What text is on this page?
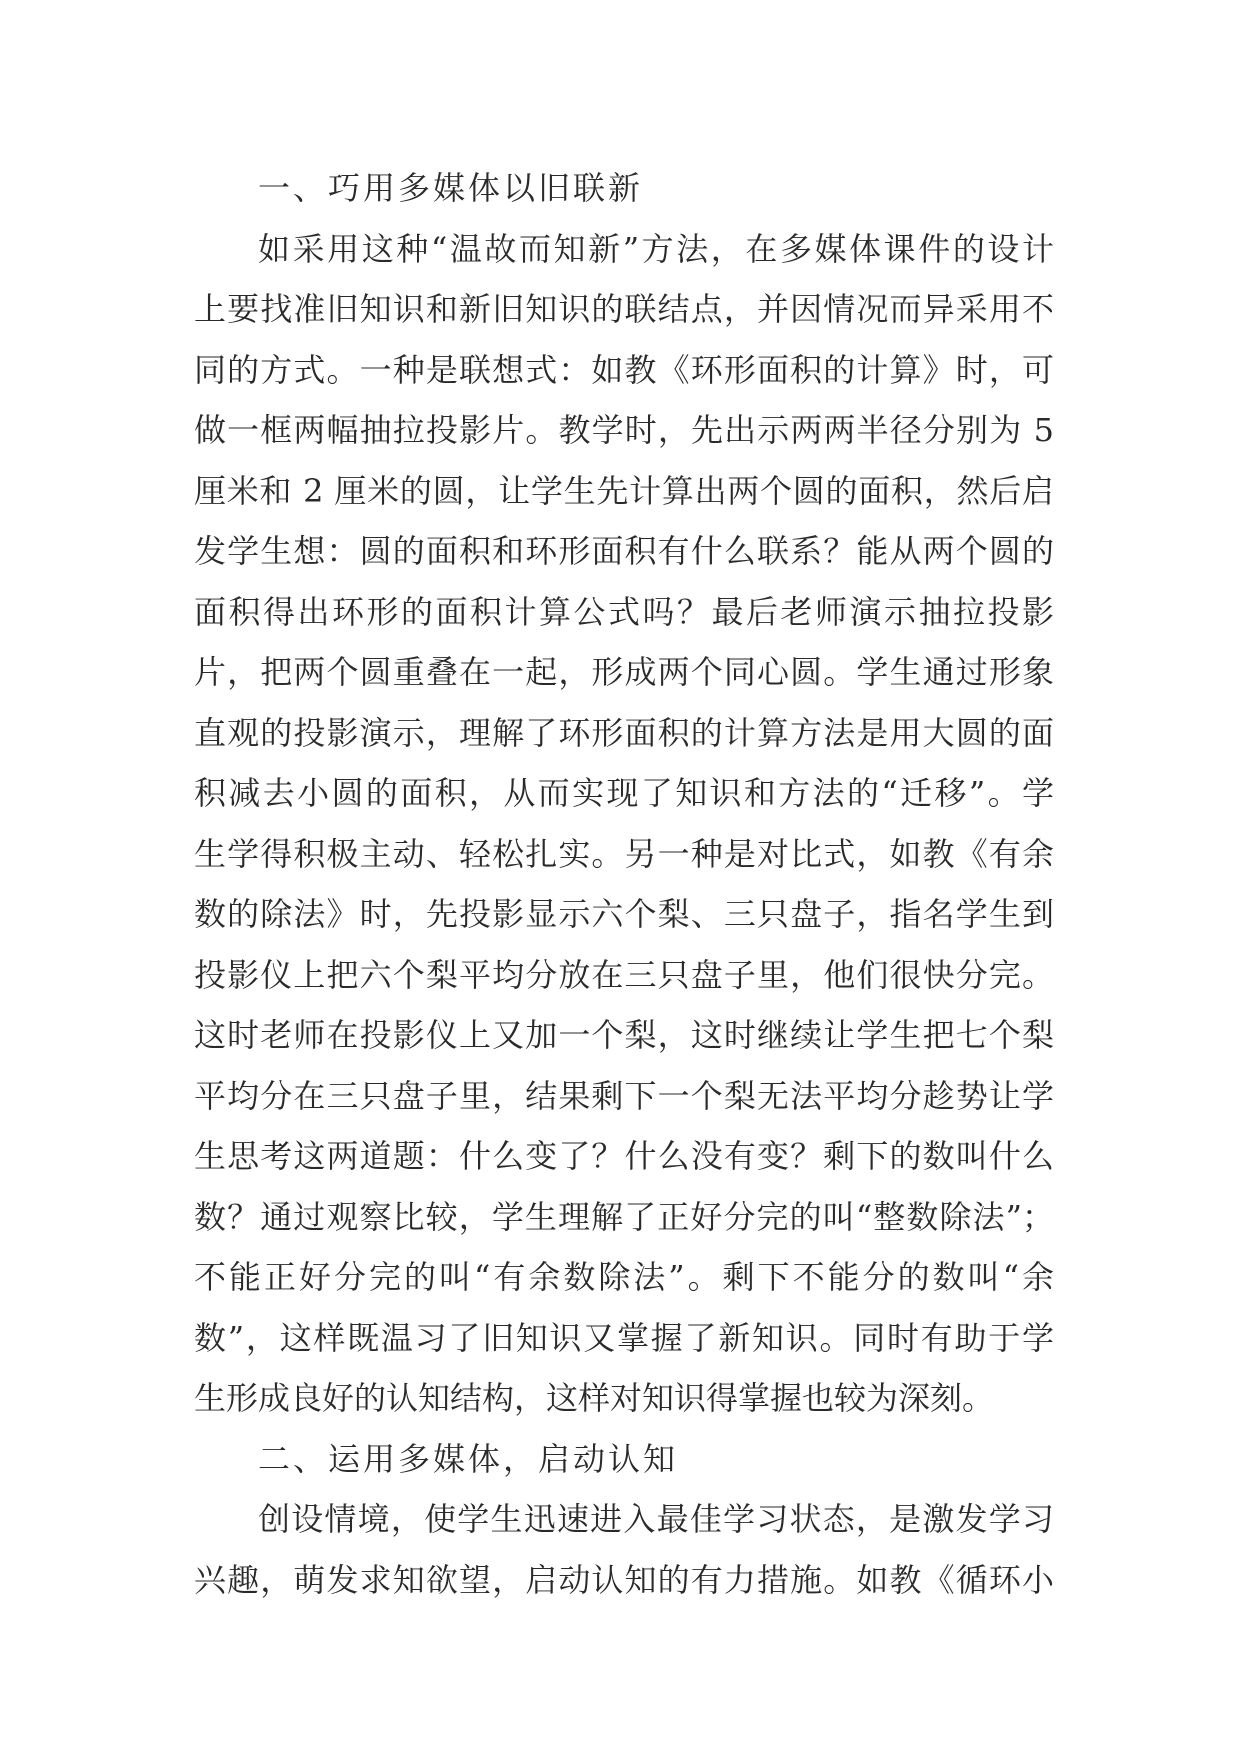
一、巧用多媒体以旧联新
如采用这种“温故而知新”方法，在多媒体课件的设计
上要找准旧知识和新旧知识的联结点，并因情况而异采用不
同的方式。一种是联想式：如教《环形面积的计算》时，可
做一框两幅抽拉投影片。教学时，先出示两两半径分别为 5
厘米和 2 厘米的圆，让学生先计算出两个圆的面积，然后启
发学生想：圆的面积和环形面积有什么联系？能从两个圆的
面积得出环形的面积计算公式吗？最后老师演示抽拉投影
片，把两个圆重叠在一起，形成两个同心圆。学生通过形象
直观的投影演示，理解了环形面积的计算方法是用大圆的面
积减去小圆的面积，从而实现了知识和方法的“迁移”。学
生学得积极主动、轻松扎实。另一种是对比式，如教《有余
数的除法》时，先投影显示六个梨、三只盘子，指名学生到
投影仪上把六个梨平均分放在三只盘子里，他们很快分完。
这时老师在投影仪上又加一个梨，这时继续让学生把七个梨
平均分在三只盘子里，结果剩下一个梨无法平均分趁势让学
生思考这两道题：什么变了？什么没有变？剩下的数叫什么
数？通过观察比较，学生理解了正好分完的叫“整数除法”；
不能正好分完的叫“有余数除法”。剩下不能分的数叫“余
数”，这样既温习了旧知识又掌握了新知识。同时有助于学
生形成良好的认知结构，这样对知识得掌握也较为深刻。
二、运用多媒体，启动认知
创设情境，使学生迅速进入最佳学习状态，是激发学习
兴趣，萌发求知欲望，启动认知的有力措施。如教《循环小
